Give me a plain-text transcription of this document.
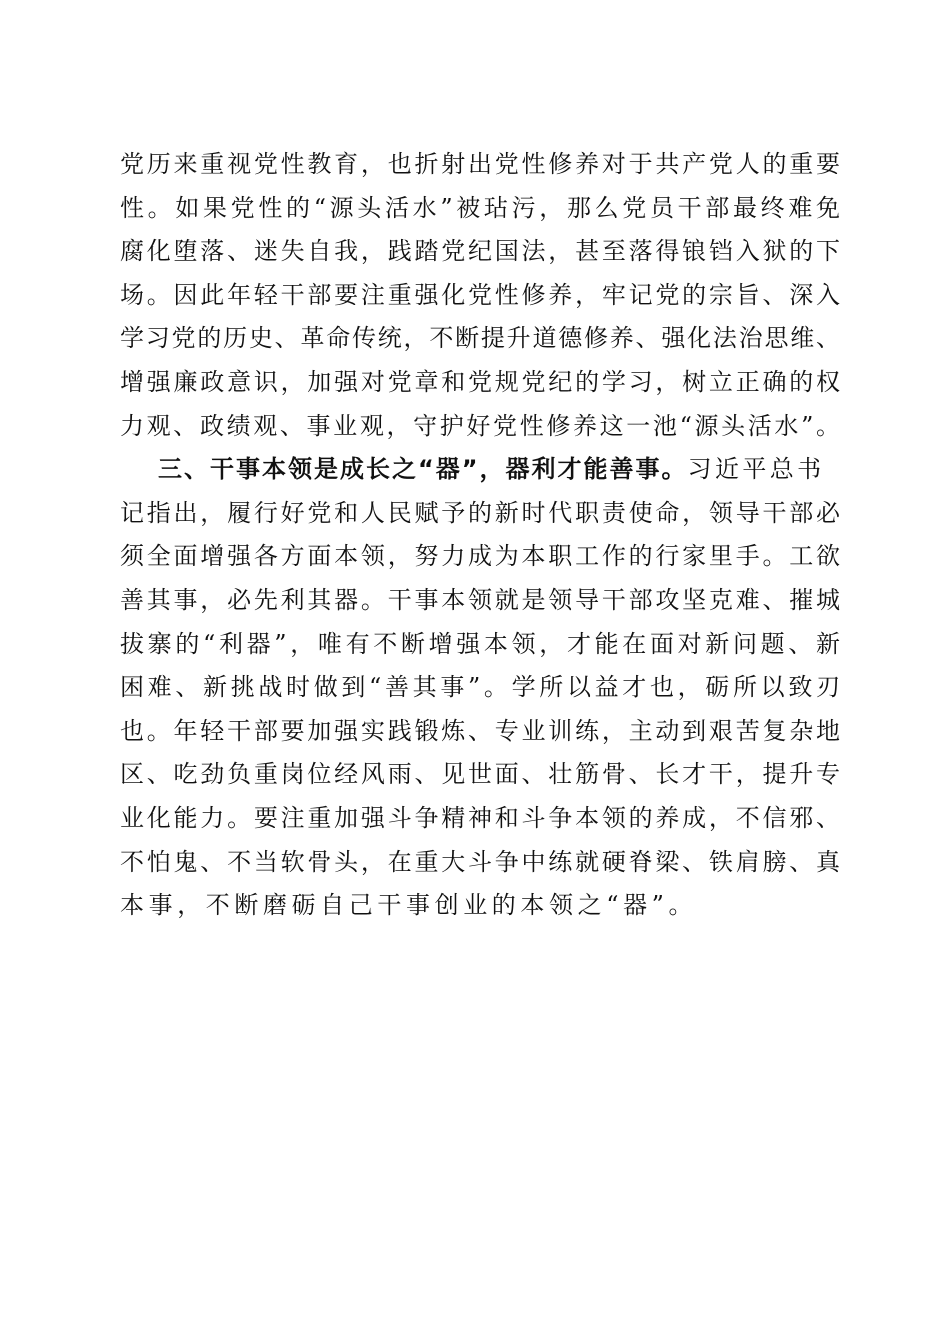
党历来重视党性教育，也折射出党性修养对于共产党人的重要
性。如果党性的“源头活水”被玷污，那么党员干部最终难免
腐化堕落、迷失自我，践踏党纪国法，甚至落得锒铛入狱的下
场。因此年轻干部要注重强化党性修养，牢记党的宗旨、深入
学习党的历史、革命传统，不断提升道德修养、强化法治思维、
增强廉政意识，加强对党章和党规党纪的学习，树立正确的权
力观、政绩观、事业观，守护好党性修养这一池“源头活水”。
三、干事本领是成长之“器”，器利才能善事。 习近平总书
记指出，履行好党和人民赋予的新时代职责使命，领导干部必
须全面增强各方面本领，努力成为本职工作的行家里手。工欲
善其事，必先利其器。干事本领就是领导干部攻坚克难、摧城
拔寨的“利器”，唯有不断增强本领，才能在面对新问题、新
困难、新挑战时做到“善其事”。学所以益才也，砺所以致刃
也。年轻干部要加强实践锻炼、专业训练，主动到艰苦复杂地
区、吃劲负重岗位经风雨、见世面、壮筋骨、长才干，提升专
业化能力。要注重加强斗争精神和斗争本领的养成，不信邪、
不怕鬼、不当软骨头，在重大斗争中练就硬脊梁、铁肩膀、真
本事，不断磨砺自己干事创业的本领之“器”。
